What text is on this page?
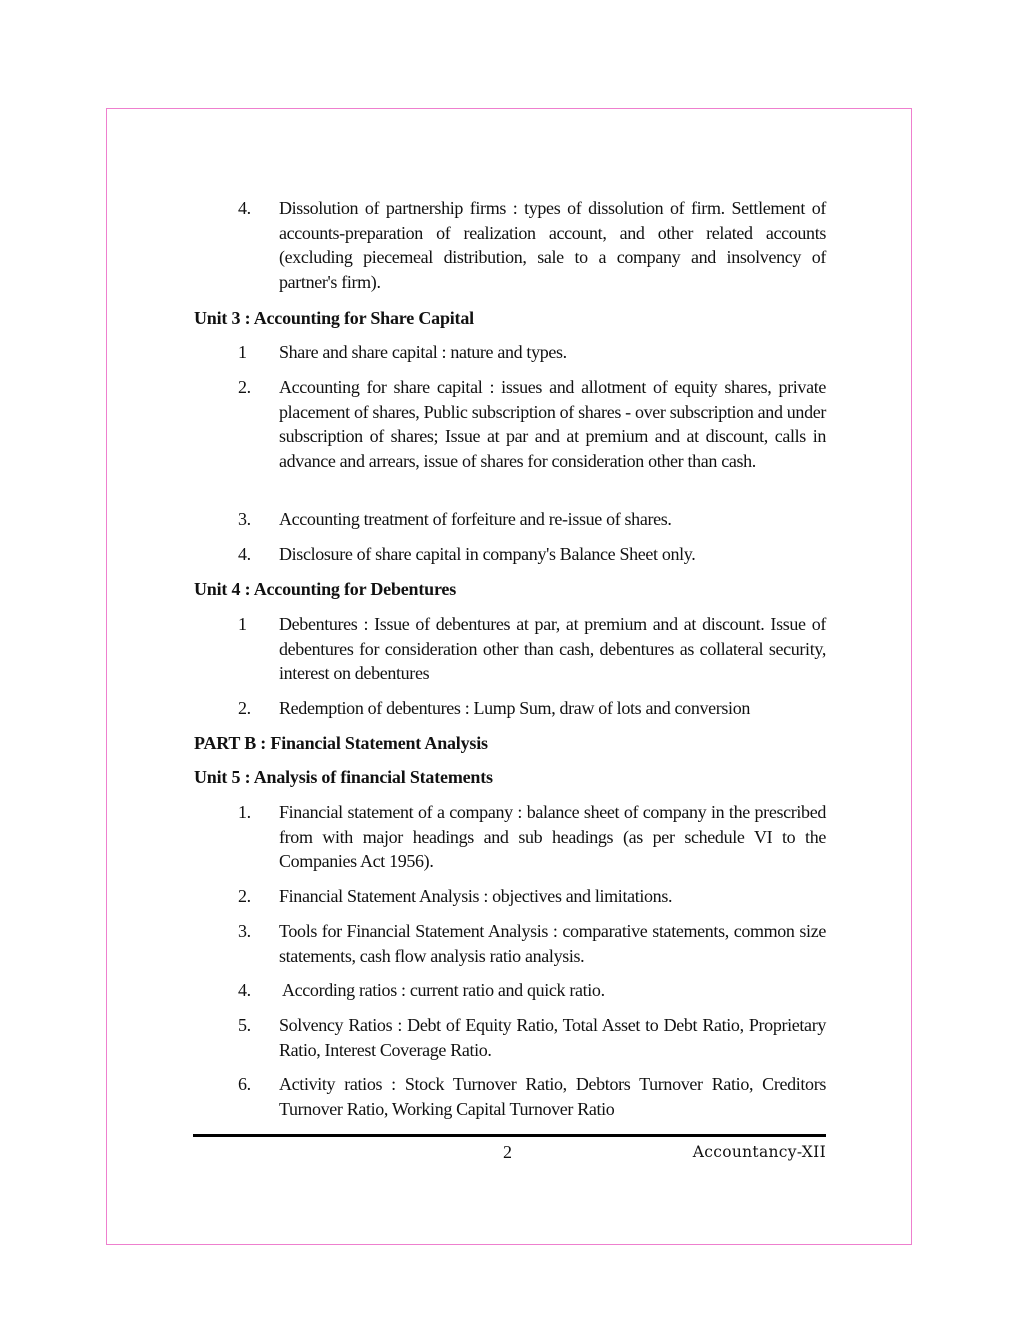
4. Dissolution of partnership firms : types of dissolution of firm. Settlement of accounts-preparation of realization account, and other related accounts (excluding piecemeal distribution, sale to a company and insolvency of partner's firm).
Unit 3 : Accounting for Share Capital
1 Share and share capital : nature and types.
2. Accounting for share capital : issues and allotment of equity shares, private placement of shares, Public subscription of shares - over subscription and under subscription of shares; Issue at par and at premium and at discount, calls in advance and arrears, issue of shares for consideration other than cash.
3. Accounting treatment of forfeiture and re-issue of shares.
4. Disclosure of share capital in company's Balance Sheet only.
Unit 4 : Accounting for Debentures
1 Debentures : Issue of debentures at par, at premium and at discount. Issue of debentures for consideration other than cash, debentures as collateral security, interest on debentures
2. Redemption of debentures : Lump Sum, draw of lots and conversion
PART B : Financial Statement Analysis
Unit 5 : Analysis of financial Statements
1. Financial statement of a company : balance sheet of company in the prescribed from with major headings and sub headings (as per schedule VI to the Companies Act 1956).
2. Financial Statement Analysis : objectives and limitations.
3. Tools for Financial Statement Analysis : comparative statements, common size statements, cash flow analysis ratio analysis.
4. According ratios : current ratio and quick ratio.
5. Solvency Ratios : Debt of Equity Ratio, Total Asset to Debt Ratio, Proprietary Ratio, Interest Coverage Ratio.
6. Activity ratios : Stock Turnover Ratio, Debtors Turnover Ratio, Creditors Turnover Ratio, Working Capital Turnover Ratio
2	Accountancy-XII
